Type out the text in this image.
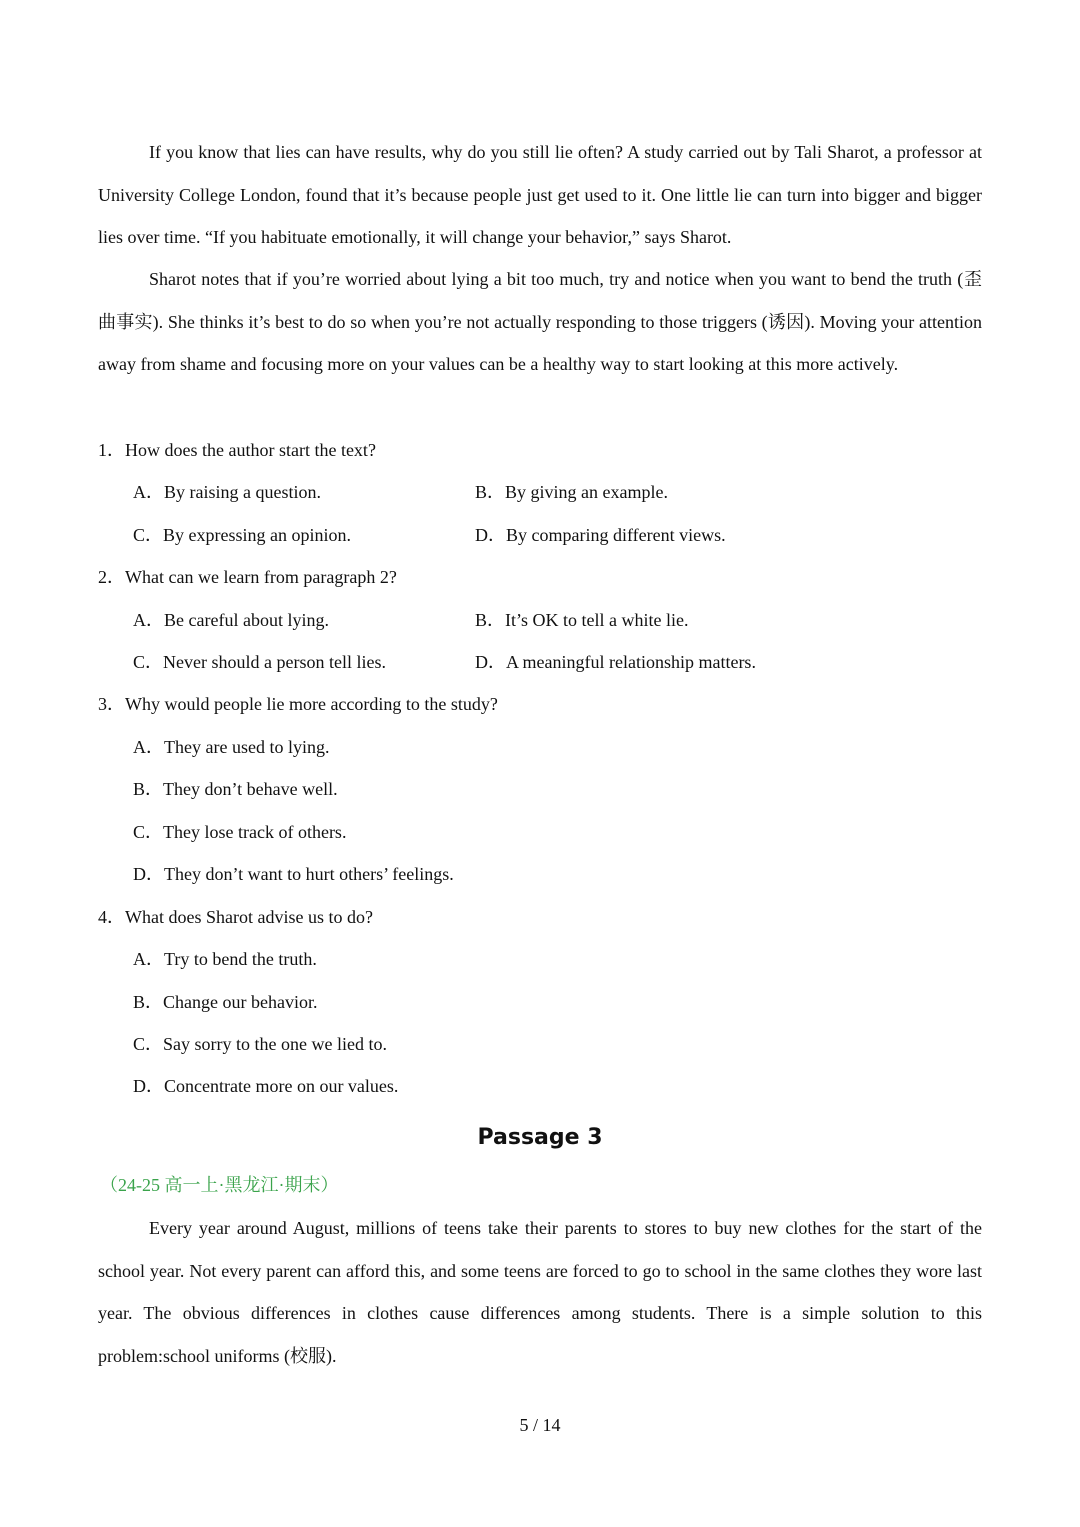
If you know that lies can have results, why do you still lie often? A study carried out by Tali Sharot, a professor at University College London, found that it’s because people just get used to it. One little lie can turn into bigger and bigger lies over time. “If you habituate emotionally, it will change your behavior,” says Sharot.

Sharot notes that if you’re worried about lying a bit too much, try and notice when you want to bend the truth (歪曲事实). She thinks it’s best to do so when you’re not actually responding to those triggers (诱因). Moving your attention away from shame and focusing more on your values can be a healthy way to start looking at this more actively.

1．How does the author start the text?

A．By raising a question.	B．By giving an example.

C．By expressing an opinion.	D．By comparing different views.

2．What can we learn from paragraph 2?

A．Be careful about lying.	B．It’s OK to tell a white lie.

C．Never should a person tell lies.	D．A meaningful relationship matters.

3．Why would people lie more according to the study?

A．They are used to lying.

B．They don’t behave well.

C．They lose track of others.

D．They don’t want to hurt others’ feelings.

4．What does Sharot advise us to do?

A．Try to bend the truth.

B．Change our behavior.

C．Say sorry to the one we lied to.

D．Concentrate more on our values.

Passage 3

（24-25 高一上·黑龙江·期末）

Every year around August, millions of teens take their parents to stores to buy new clothes for the start of the school year. Not every parent can afford this, and some teens are forced to go to school in the same clothes they wore last year. The obvious differences in clothes cause differences among students. There is a simple solution to this problem:school uniforms (校服).

5 / 14
